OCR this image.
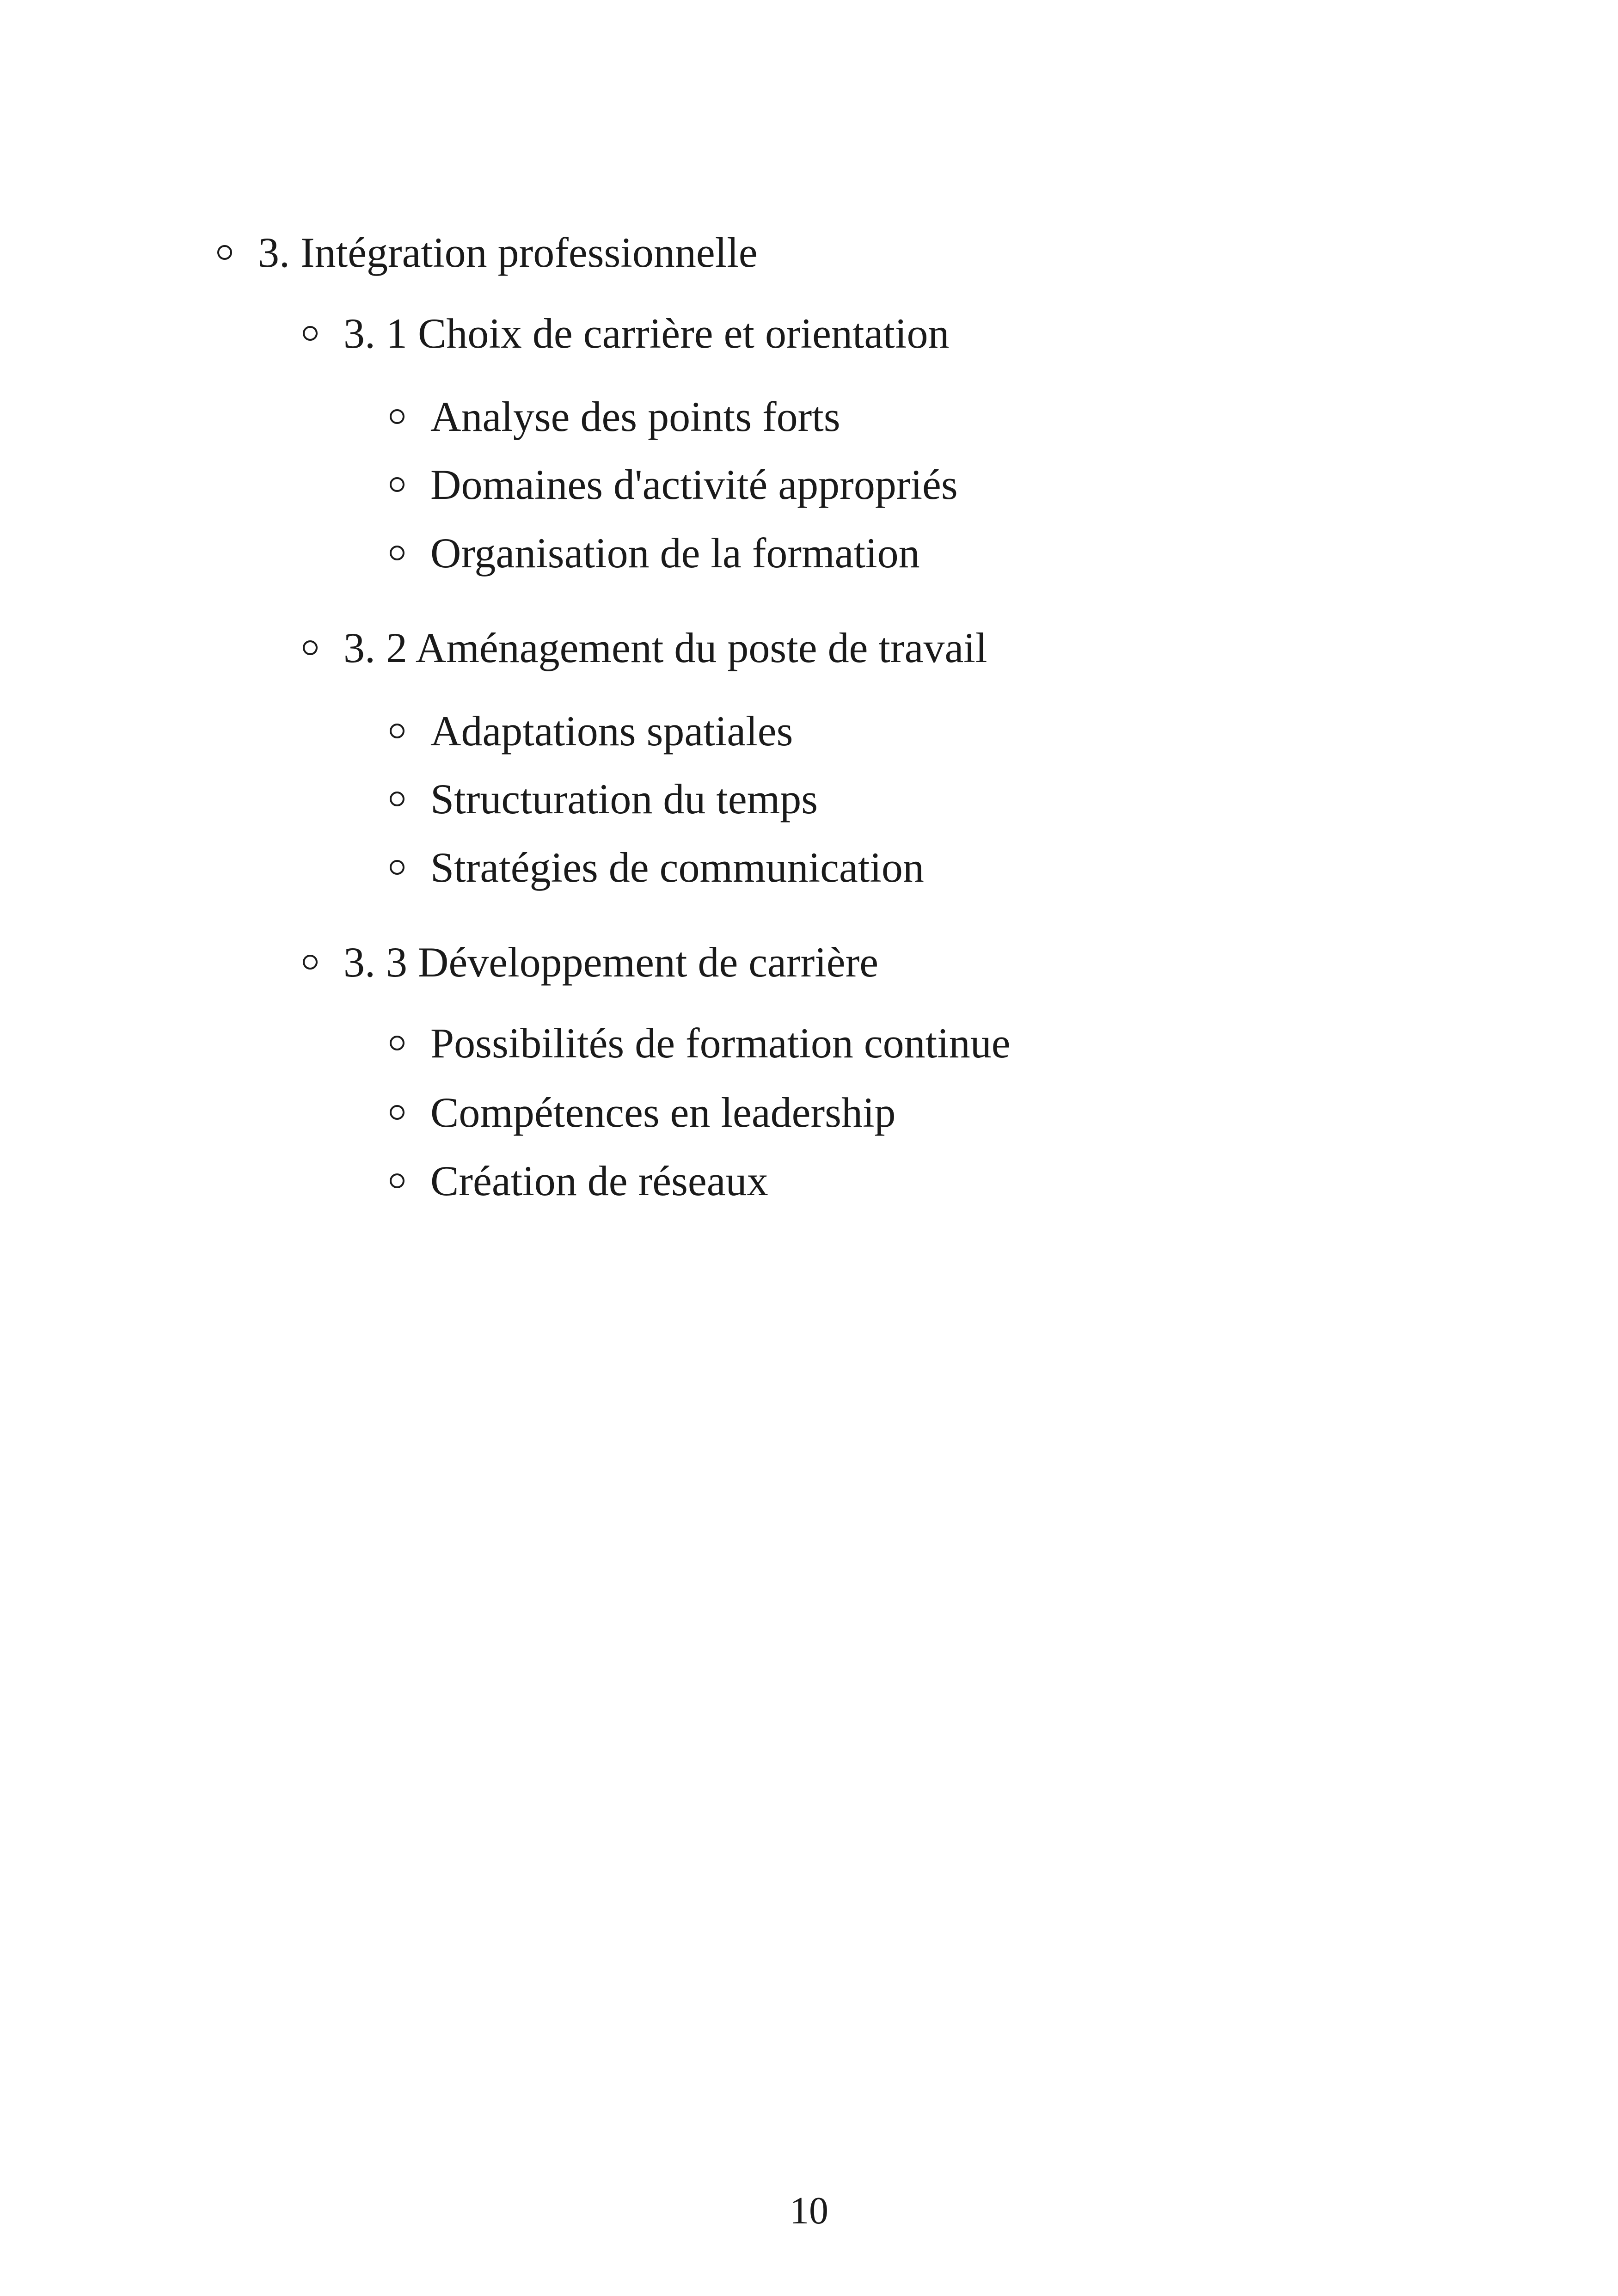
3. Intégration professionnelle
3. 1 Choix de carrière et orientation
Analyse des points forts
Domaines d'activité appropriés
Organisation de la formation
3. 2 Aménagement du poste de travail
Adaptations spatiales
Structuration du temps
Stratégies de communication
3. 3 Développement de carrière
Possibilités de formation continue
Compétences en leadership
Création de réseaux
10
